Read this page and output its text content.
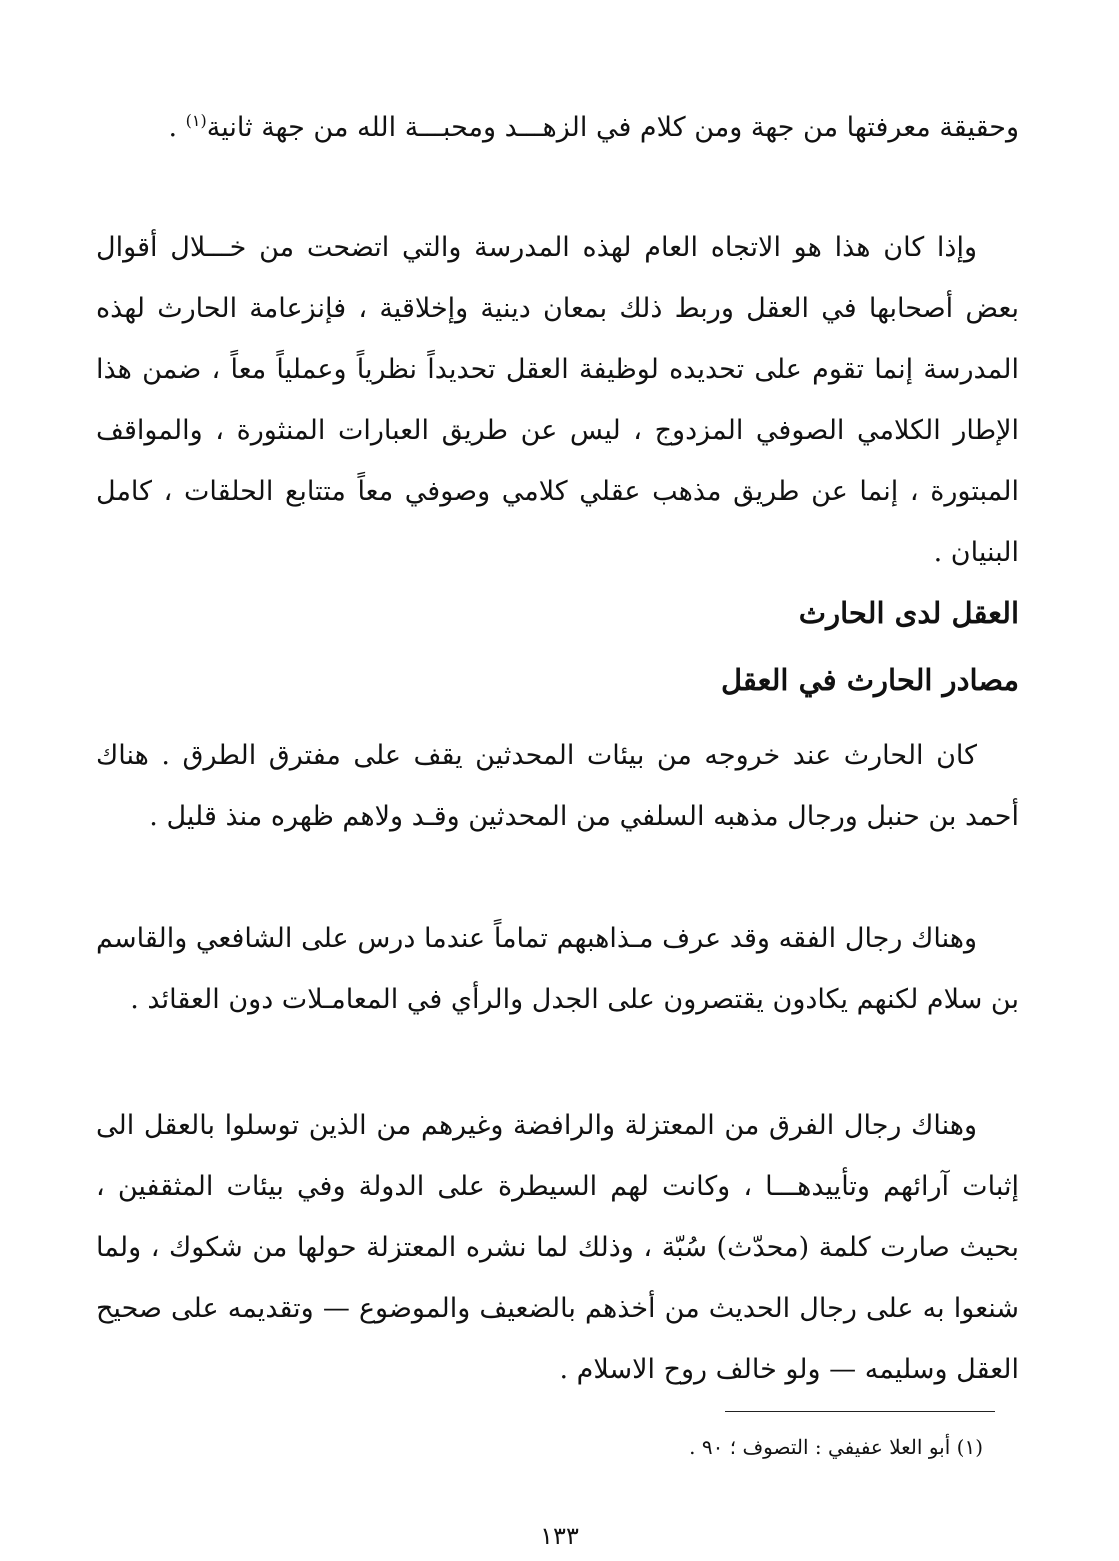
وحقيقة معرفتها من جهة ومن كلام في الزهـــد ومحبـــة الله من جهة ثانية$^{(١)}$ .

وإذا كان هذا هو الاتجاه العام لهذه المدرسة والتي اتضحت من خـــلال أقوال بعض أصحابها في العقل وربط ذلك بمعان دينية وإخلاقية ، فإنزعامة الحارث لهذه المدرسة إنما تقوم على تحديده لوظيفة العقل تحديداً نظرياً وعملياً معاً ، ضمن هذا الإطار الكلامي الصوفي المزدوج ، ليس عن طريق العبارات المنثورة ، والمواقف المبتورة ، إنما عن طريق مذهب عقلي كلامي وصوفي معاً متتابع الحلقات ، كامل البنيان .

العقل لدى الحارث
مصادر الحارث في العقل

كان الحارث عند خروجه من بيئات المحدثين يقف على مفترق الطرق . هناك أحمد بن حنبل ورجال مذهبه السلفي من المحدثين وقـد ولاهم ظهره منذ قليل .

وهناك رجال الفقه وقد عرف مـذاهبهم تماماً عندما درس على الشافعي والقاسم بن سلام لكنهم يكادون يقتصرون على الجدل والرأي في المعامـلات دون العقائد .

وهناك رجال الفرق من المعتزلة والرافضة وغيرهم من الذين توسلوا بالعقل الى إثبات آرائهم وتأييدهـــا ، وكانت لهم السيطرة على الدولة وفي بيئات المثقفين ، بحيث صارت كلمة (محدّث) سُبّة ، وذلك لما نشره المعتزلة حولها من شكوك ، ولما شنعوا به على رجال الحديث من أخذهم بالضعيف والموضوع — وتقديمه على صحيح العقل وسليمه — ولو خالف روح الاسلام .

(١) أبو العلا عفيفي : التصوف ؛ ٩٠ .

١٣٣
